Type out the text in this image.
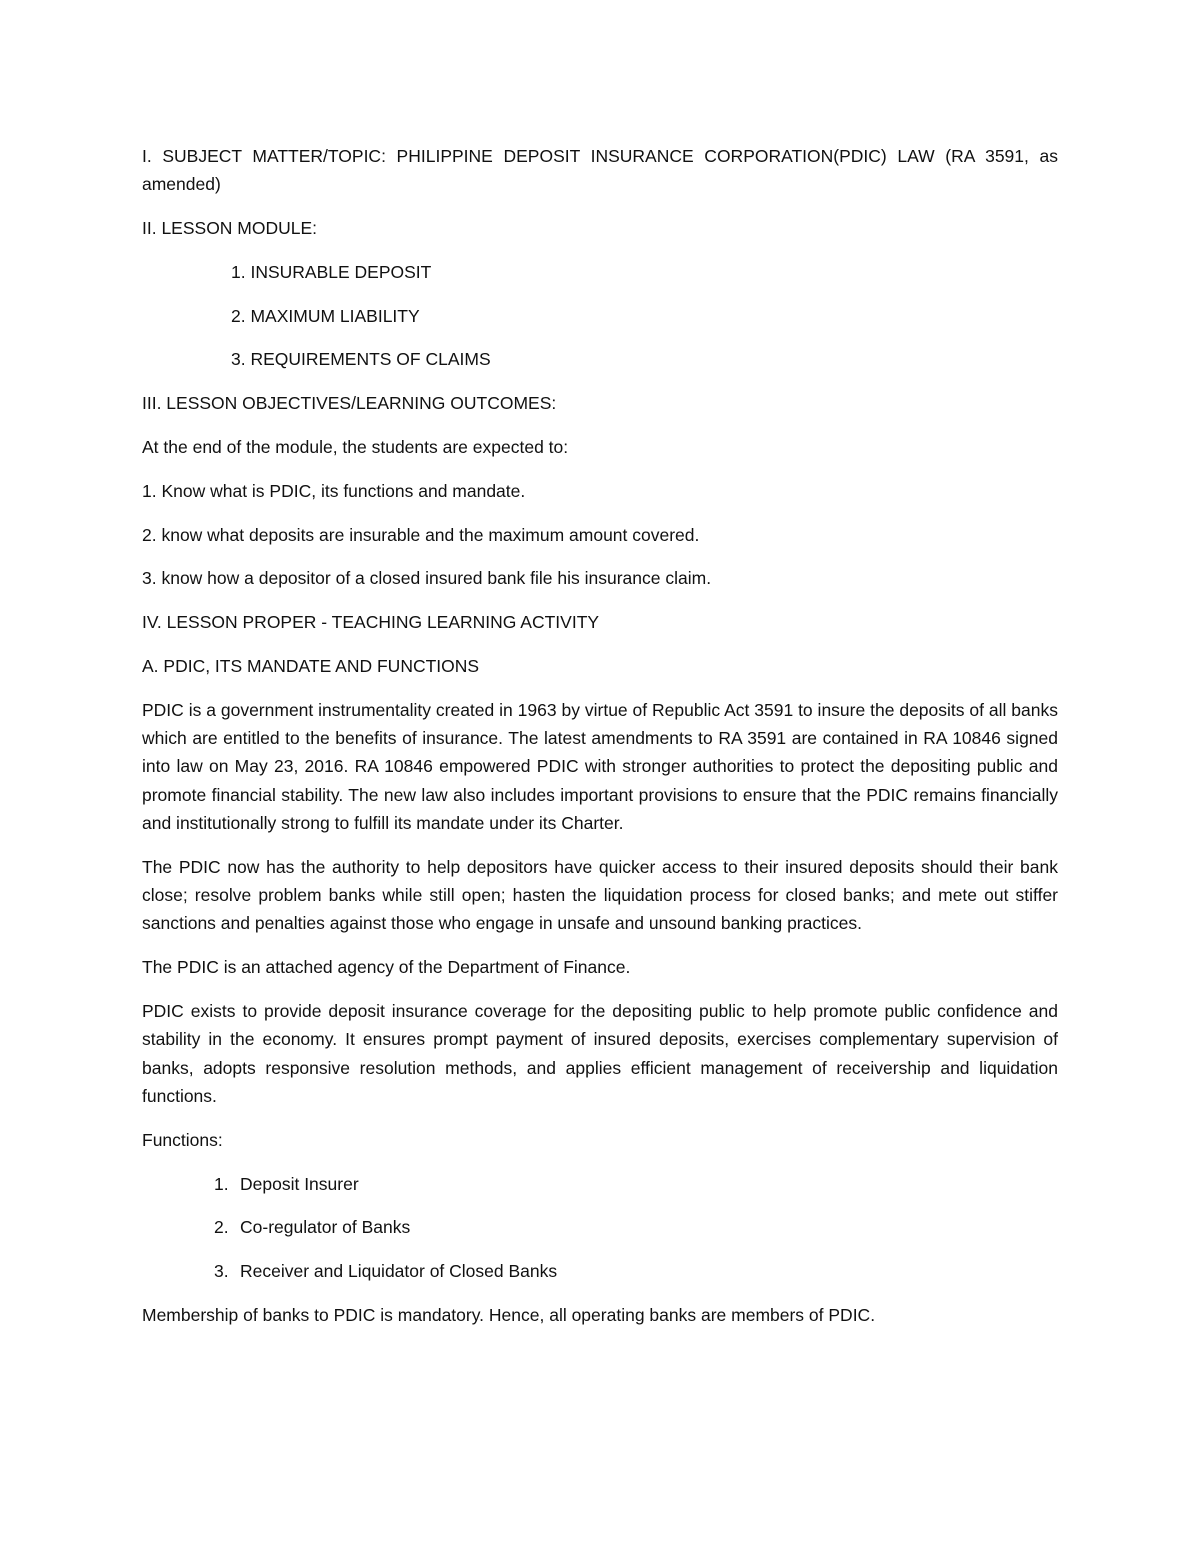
I. SUBJECT MATTER/TOPIC: PHILIPPINE DEPOSIT INSURANCE CORPORATION(PDIC) LAW (RA 3591, as amended)

II. LESSON MODULE:

1. INSURABLE DEPOSIT

2. MAXIMUM LIABILITY

3. REQUIREMENTS OF CLAIMS

III. LESSON OBJECTIVES/LEARNING OUTCOMES:

At the end of the module, the students are expected to:

1. Know what is PDIC, its functions and mandate.

2. know what deposits are insurable and the maximum amount covered.

3. know how a depositor of a closed insured bank file his insurance claim.

IV. LESSON PROPER - TEACHING LEARNING ACTIVITY

A. PDIC, ITS MANDATE AND FUNCTIONS

PDIC is a government instrumentality created in 1963 by virtue of Republic Act 3591 to insure the deposits of all banks which are entitled to the benefits of insurance. The latest amendments to RA 3591 are contained in RA 10846 signed into law on May 23, 2016. RA 10846 empowered PDIC with stronger authorities to protect the depositing public and promote financial stability. The new law also includes important provisions to ensure that the PDIC remains financially and institutionally strong to fulfill its mandate under its Charter.

The PDIC now has the authority to help depositors have quicker access to their insured deposits should their bank close; resolve problem banks while still open; hasten the liquidation process for closed banks; and mete out stiffer sanctions and penalties against those who engage in unsafe and unsound banking practices.

The PDIC is an attached agency of the Department of Finance.

PDIC exists to provide deposit insurance coverage for the depositing public to help promote public confidence and stability in the economy. It ensures prompt payment of insured deposits, exercises complementary supervision of banks, adopts responsive resolution methods, and applies efficient management of receivership and liquidation functions.

Functions:

1. Deposit Insurer
2. Co-regulator of Banks
3. Receiver and Liquidator of Closed Banks

Membership of banks to PDIC is mandatory. Hence, all operating banks are members of PDIC.
